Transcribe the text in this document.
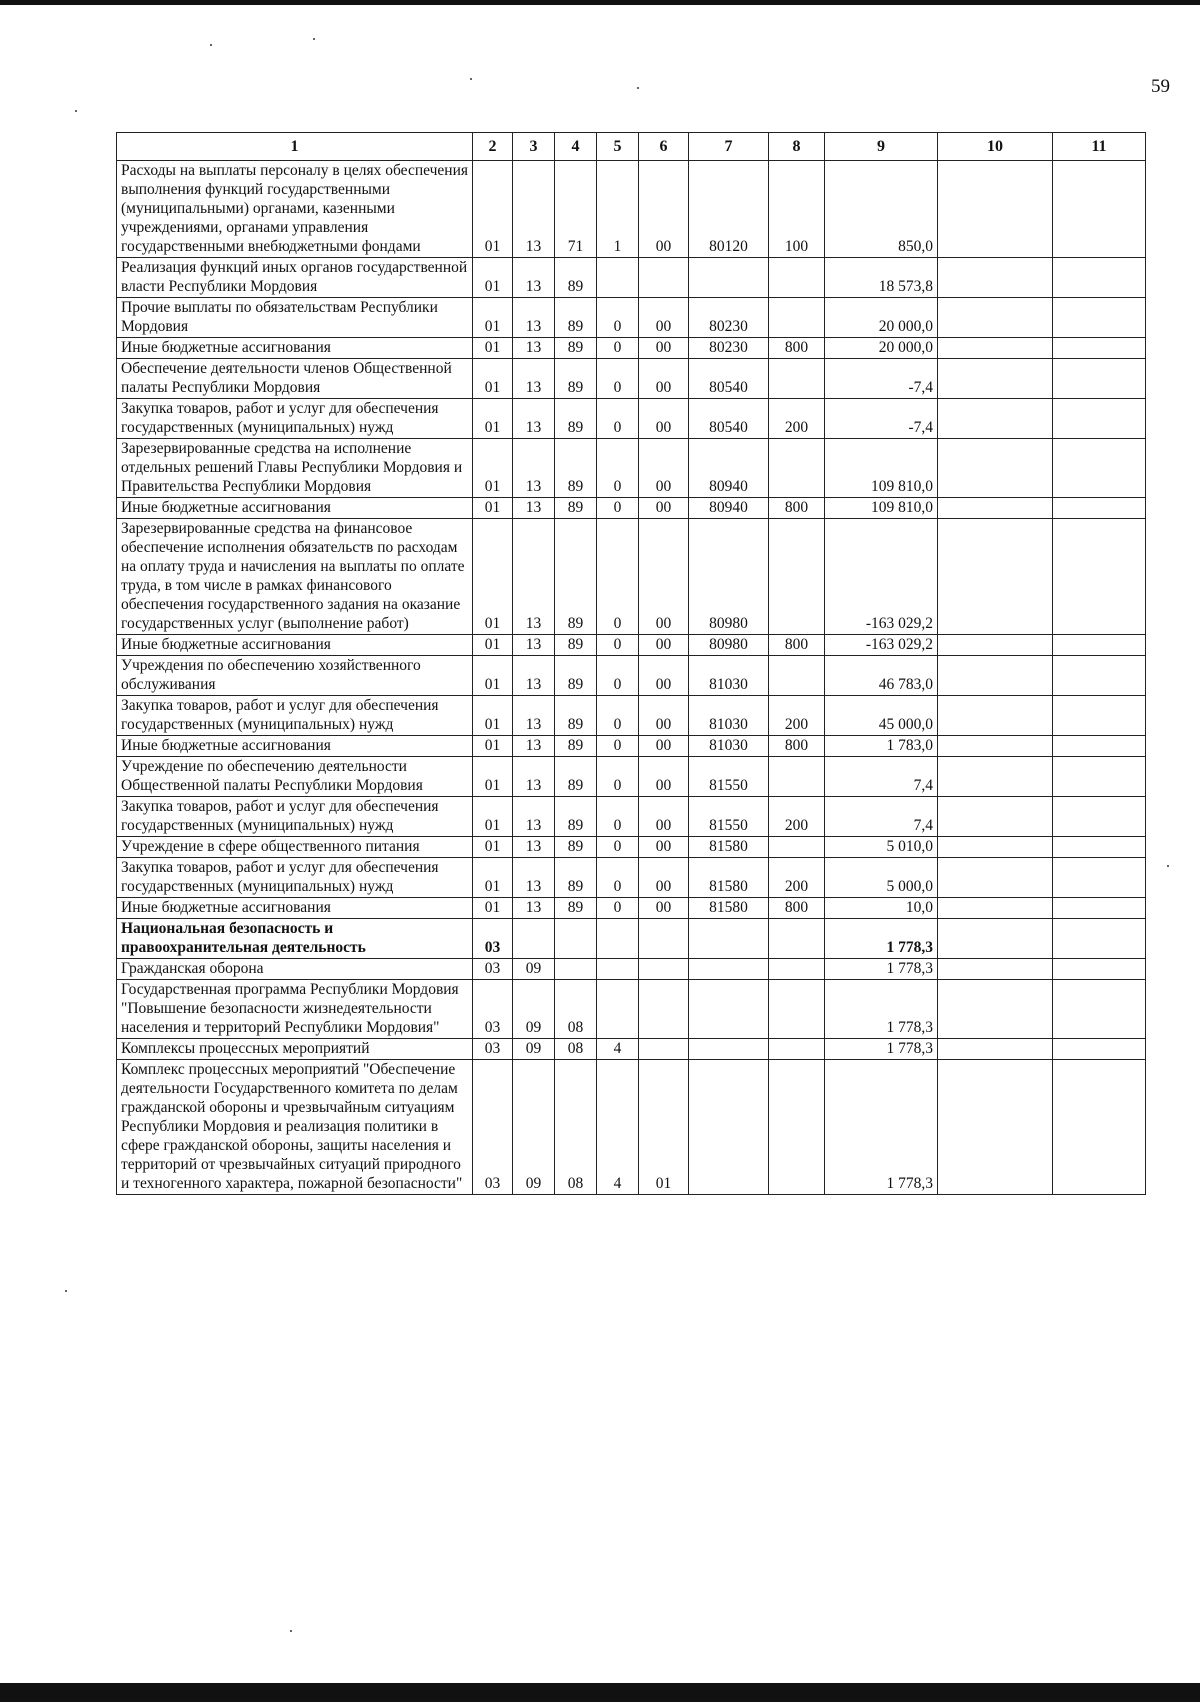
59
1	2	3	4	5	6	7	8	9	10	11
Расходы на выплаты персоналу в целях обеспечения выполнения функций государственными (муниципальными) органами, казенными учреждениями, органами управления государственными внебюджетными фондами	01	13	71	1	00	80120	100	850,0		
Реализация функций иных органов государственной власти Республики Мордовия	01	13	89					18 573,8		
Прочие выплаты по обязательствам Республики Мордовия	01	13	89	0	00	80230		20 000,0		
Иные бюджетные ассигнования	01	13	89	0	00	80230	800	20 000,0		
Обеспечение деятельности членов Общественной палаты Республики Мордовия	01	13	89	0	00	80540		-7,4		
Закупка товаров, работ и услуг для обеспечения государственных (муниципальных) нужд	01	13	89	0	00	80540	200	-7,4		
Зарезервированные средства на исполнение отдельных решений Главы Республики Мордовия и Правительства Республики Мордовия	01	13	89	0	00	80940		109 810,0		
Иные бюджетные ассигнования	01	13	89	0	00	80940	800	109 810,0		
Зарезервированные средства на финансовое обеспечение исполнения обязательств по расходам на оплату труда и начисления на выплаты по оплате труда, в том числе в рамках финансового обеспечения государственного задания на оказание государственных услуг (выполнение работ)	01	13	89	0	00	80980		-163 029,2		
Иные бюджетные ассигнования	01	13	89	0	00	80980	800	-163 029,2		
Учреждения по обеспечению хозяйственного обслуживания	01	13	89	0	00	81030		46 783,0		
Закупка товаров, работ и услуг для обеспечения государственных (муниципальных) нужд	01	13	89	0	00	81030	200	45 000,0		
Иные бюджетные ассигнования	01	13	89	0	00	81030	800	1 783,0		
Учреждение по обеспечению деятельности Общественной палаты Республики Мордовия	01	13	89	0	00	81550		7,4		
Закупка товаров, работ и услуг для обеспечения государственных (муниципальных) нужд	01	13	89	0	00	81550	200	7,4		
Учреждение в сфере общественного питания	01	13	89	0	00	81580		5 010,0		
Закупка товаров, работ и услуг для обеспечения государственных (муниципальных) нужд	01	13	89	0	00	81580	200	5 000,0		
Иные бюджетные ассигнования	01	13	89	0	00	81580	800	10,0		
Национальная безопасность и правоохранительная деятельность	03							1 778,3		
Гражданская оборона	03	09						1 778,3		
Государственная программа Республики Мордовия "Повышение безопасности жизнедеятельности населения и территорий Республики Мордовия"	03	09	08					1 778,3		
Комплексы процессных мероприятий	03	09	08	4				1 778,3		
Комплекс процессных мероприятий "Обеспечение деятельности Государственного комитета по делам гражданской обороны и чрезвычайным ситуациям Республики Мордовия и реализация политики в сфере гражданской обороны, защиты населения и территорий от чрезвычайных ситуаций природного и техногенного характера, пожарной безопасности"	03	09	08	4	01			1 778,3		
